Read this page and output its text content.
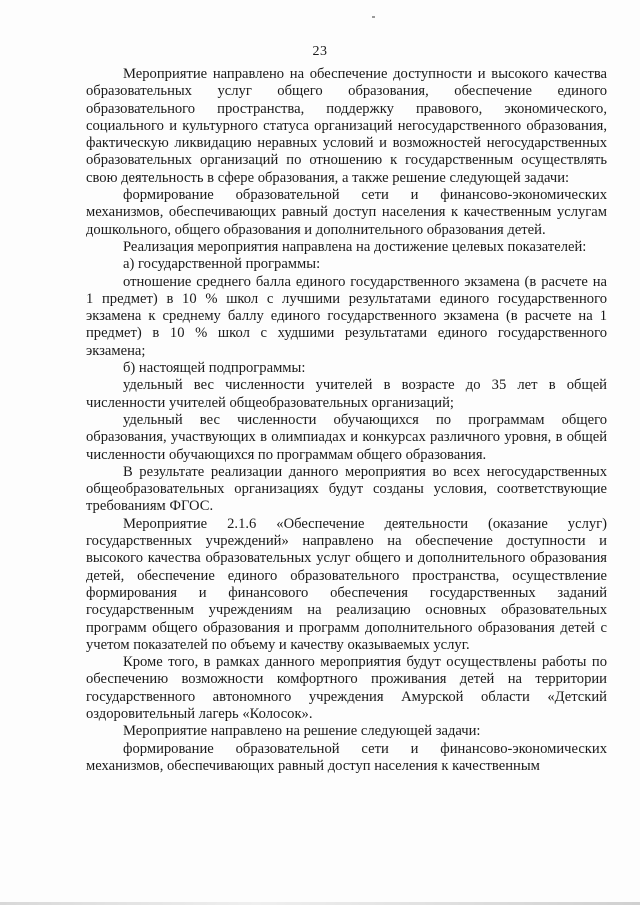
23

Мероприятие направлено на обеспечение доступности и высокого качества образовательных услуг общего образования, обеспечение единого образовательного пространства, поддержку правового, экономического, социального и культурного статуса организаций негосударственного образования, фактическую ликвидацию неравных условий и возможностей негосударственных образовательных организаций по отношению к государственным осуществлять свою деятельность в сфере образования, а также решение следующей задачи:

формирование образовательной сети и финансово-экономических механизмов, обеспечивающих равный доступ населения к качественным услугам дошкольного, общего образования и дополнительного образования детей.

Реализация мероприятия направлена на достижение целевых показателей:

а) государственной программы:

отношение среднего балла единого государственного экзамена (в расчете на 1 предмет) в 10 % школ с лучшими результатами единого государственного экзамена к среднему баллу единого государственного экзамена (в расчете на 1 предмет) в 10 % школ с худшими результатами единого государственного экзамена;

б) настоящей подпрограммы:

удельный вес численности учителей в возрасте до 35 лет в общей численности учителей общеобразовательных организаций;

удельный вес численности обучающихся по программам общего образования, участвующих в олимпиадах и конкурсах различного уровня, в общей численности обучающихся по программам общего образования.

В результате реализации данного мероприятия во всех негосударственных общеобразовательных организациях будут созданы условия, соответствующие требованиям ФГОС.

Мероприятие 2.1.6 «Обеспечение деятельности (оказание услуг) государственных учреждений» направлено на обеспечение доступности и высокого качества образовательных услуг общего и дополнительного образования детей, обеспечение единого образовательного пространства, осуществление формирования и финансового обеспечения государственных заданий государственным учреждениям на реализацию основных образовательных программ общего образования и программ дополнительного образования детей с учетом показателей по объему и качеству оказываемых услуг.

Кроме того, в рамках данного мероприятия будут осуществлены работы по обеспечению возможности комфортного проживания детей на территории государственного автономного учреждения Амурской области «Детский оздоровительный лагерь «Колосок».

Мероприятие направлено на решение следующей задачи:

формирование образовательной сети и финансово-экономических механизмов, обеспечивающих равный доступ населения к качественным
